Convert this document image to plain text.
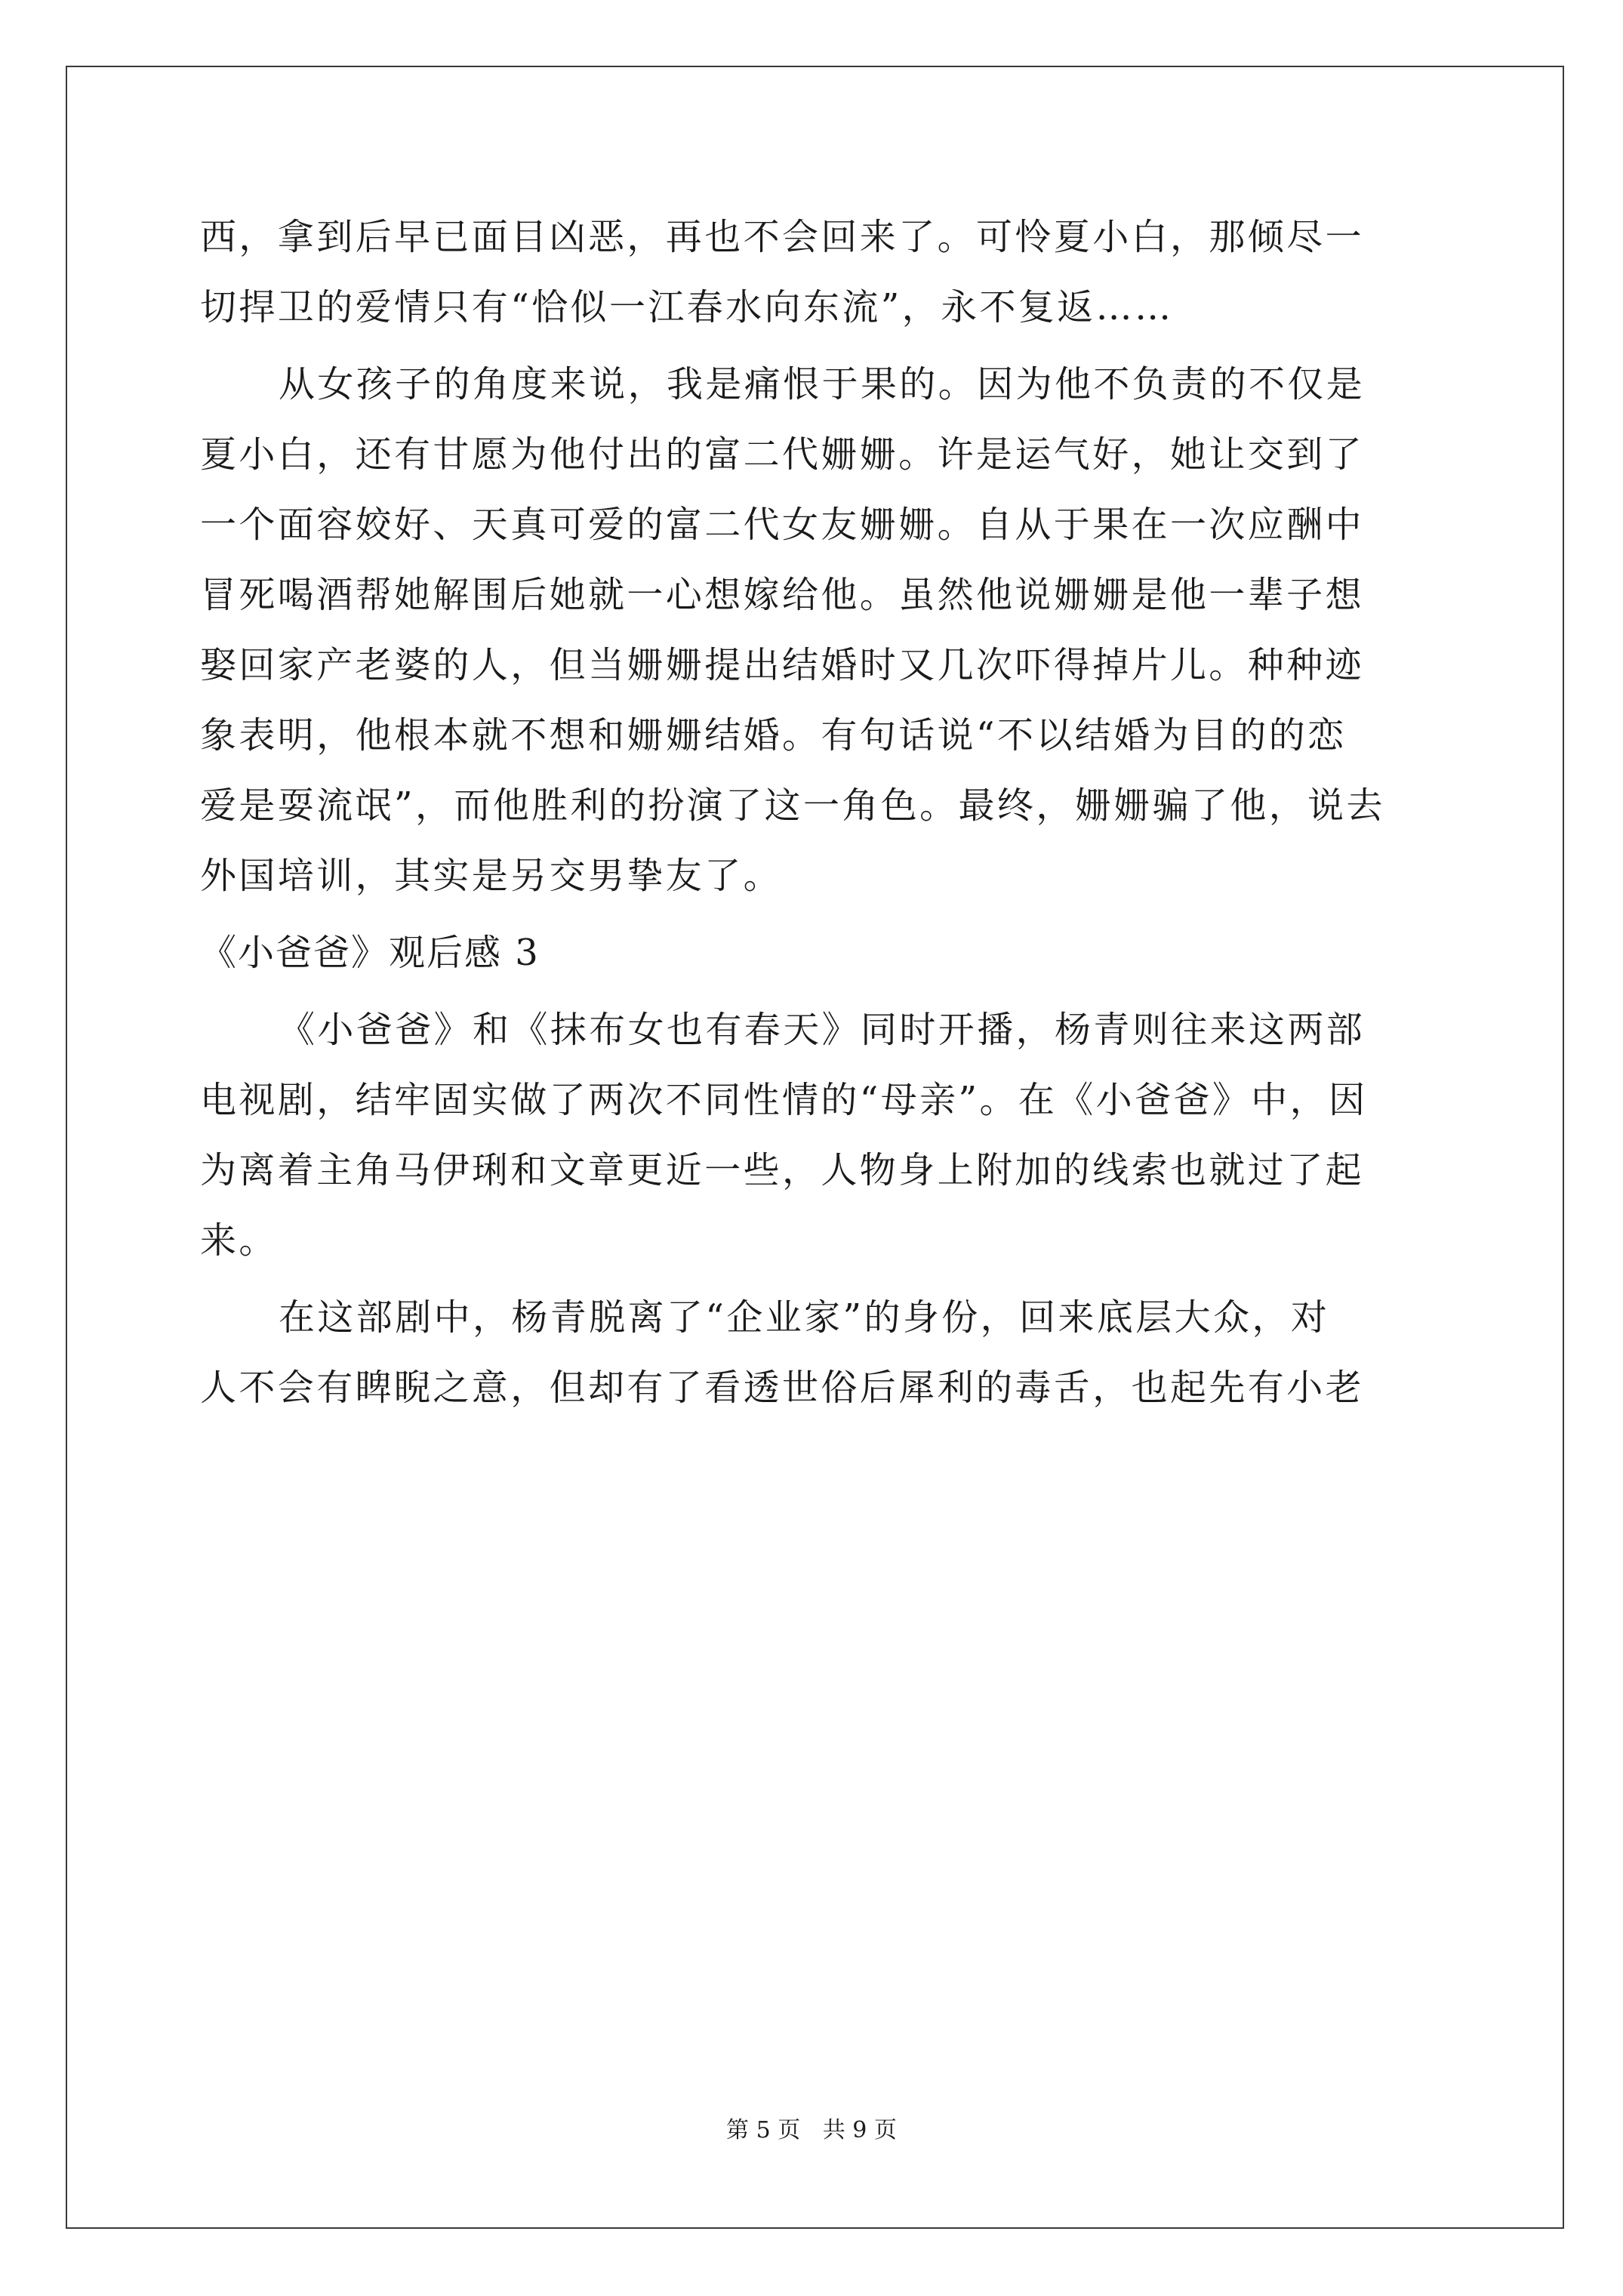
西，拿到后早已面目凶恶，再也不会回来了。可怜夏小白，那倾尽一
切捍卫的爱情只有“恰似一江春水向东流”，永不复返……
从女孩子的角度来说，我是痛恨于果的。因为他不负责的不仅是
夏小白，还有甘愿为他付出的富二代姗姗。许是运气好，她让交到了
一个面容姣好、天真可爱的富二代女友姗姗。自从于果在一次应酬中
冒死喝酒帮她解围后她就一心想嫁给他。虽然他说姗姗是他一辈子想
娶回家产老婆的人，但当姗姗提出结婚时又几次吓得掉片儿。种种迹
象表明，他根本就不想和姗姗结婚。有句话说“不以结婚为目的的恋
爱是耍流氓”，而他胜利的扮演了这一角色。最终，姗姗骗了他，说去
外国培训，其实是另交男挚友了。
《小爸爸》观后感 3
《小爸爸》和《抹布女也有春天》同时开播，杨青则往来这两部
电视剧，结牢固实做了两次不同性情的“母亲”。在《小爸爸》中，因
为离着主角马伊琍和文章更近一些，人物身上附加的线索也就过了起
来。
在这部剧中，杨青脱离了“企业家”的身份，回来底层大众，对
人不会有睥睨之意，但却有了看透世俗后犀利的毒舌，也起先有小老
第 5 页 共 9 页
